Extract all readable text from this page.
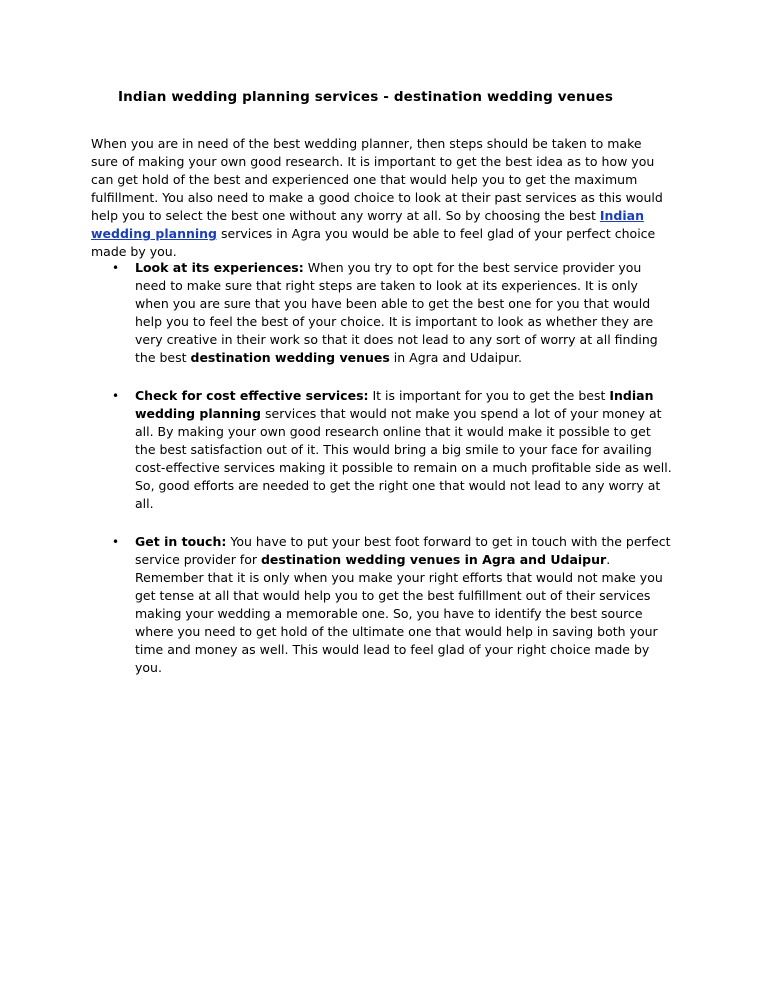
Indian wedding planning services - destination wedding venues

When you are in need of the best wedding planner, then steps should be taken to make
sure of making your own good research. It is important to get the best idea as to how you
can get hold of the best and experienced one that would help you to get the maximum
fulfillment. You also need to make a good choice to look at their past services as this would
help you to select the best one without any worry at all. So by choosing the best Indian
wedding planning services in Agra you would be able to feel glad of your perfect choice
made by you.

• Look at its experiences: When you try to opt for the best service provider you
need to make sure that right steps are taken to look at its experiences. It is only
when you are sure that you have been able to get the best one for you that would
help you to feel the best of your choice. It is important to look as whether they are
very creative in their work so that it does not lead to any sort of worry at all finding
the best destination wedding venues in Agra and Udaipur.
• Check for cost effective services: It is important for you to get the best Indian
wedding planning services that would not make you spend a lot of your money at
all. By making your own good research online that it would make it possible to get
the best satisfaction out of it. This would bring a big smile to your face for availing
cost-effective services making it possible to remain on a much profitable side as well.
So, good efforts are needed to get the right one that would not lead to any worry at
all.
• Get in touch: You have to put your best foot forward to get in touch with the perfect
service provider for destination wedding venues in Agra and Udaipur.
Remember that it is only when you make your right efforts that would not make you
get tense at all that would help you to get the best fulfillment out of their services
making your wedding a memorable one. So, you have to identify the best source
where you need to get hold of the ultimate one that would help in saving both your
time and money as well. This would lead to feel glad of your right choice made by
you.
